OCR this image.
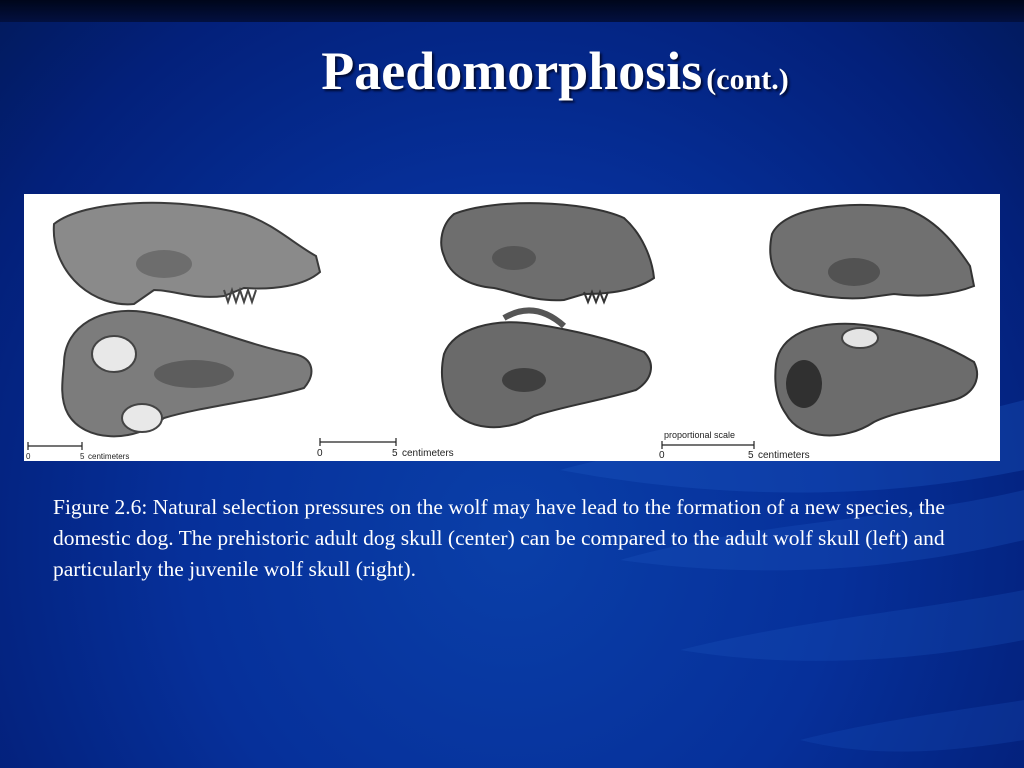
Paedomorphosis (cont.)
0	5 centimeters	0	5 centimeters
proportional scale
0	5 centimeters
Figure 2.6: Natural selection pressures on the wolf may have lead to the formation of a new species, the domestic dog. The prehistoric adult dog skull (center) can be compared to the adult wolf skull (left) and particularly the juvenile wolf skull (right).
